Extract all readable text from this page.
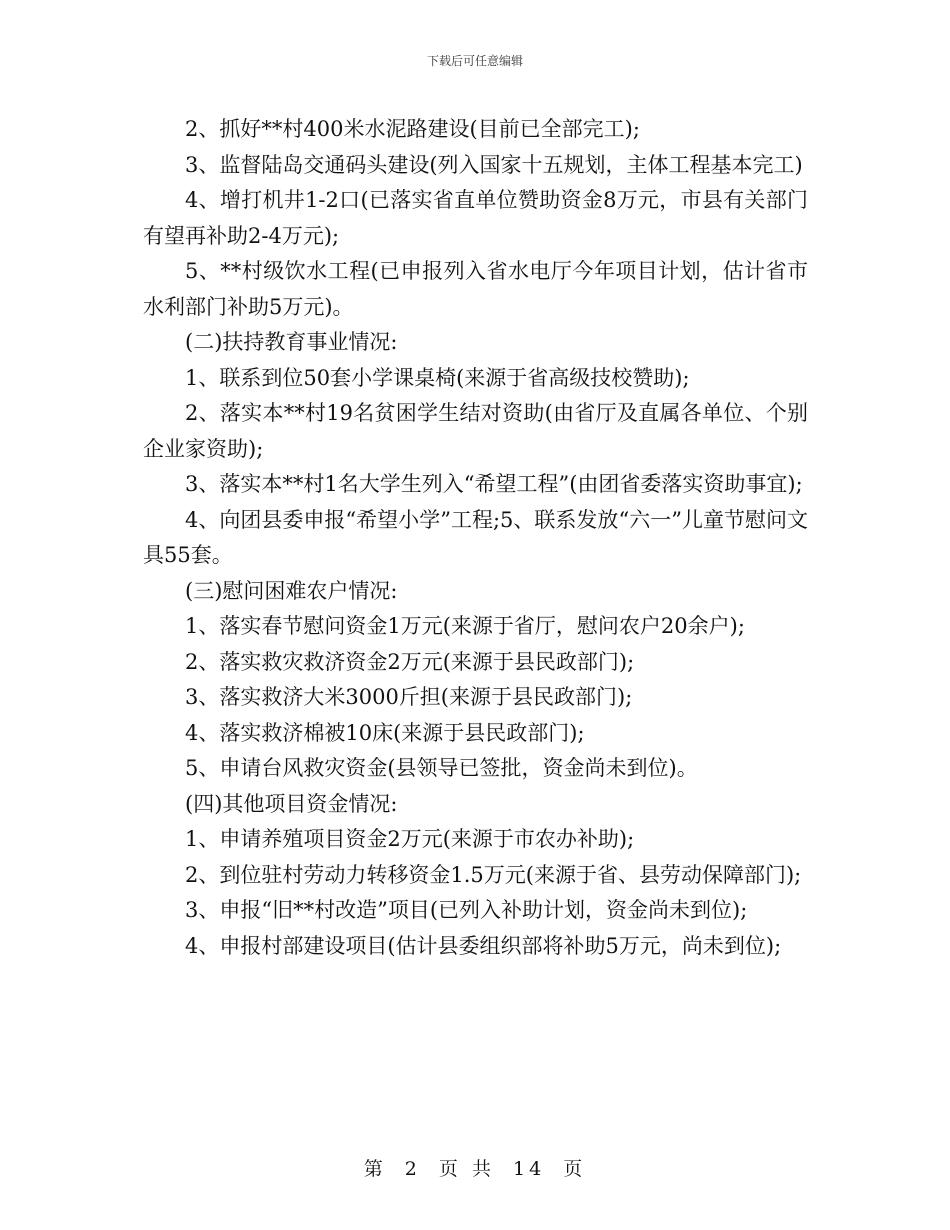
下载后可任意编辑

2、抓好**村400米水泥路建设(目前已全部完工);

3、监督陆岛交通码头建设(列入国家十五规划，主体工程基本完工)

4、增打机井1-2口(已落实省直单位赞助资金8万元，市县有关部门有望再补助2-4万元);

5、**村级饮水工程(已申报列入省水电厅今年项目计划，估计省市水利部门补助5万元)。

(二)扶持教育事业情况:

1、联系到位50套小学课桌椅(来源于省高级技校赞助);

2、落实本**村19名贫困学生结对资助(由省厅及直属各单位、个别企业家资助);

3、落实本**村1名大学生列入“希望工程”(由团省委落实资助事宜);

4、向团县委申报“希望小学”工程;5、联系发放“六一”儿童节慰问文具55套。

(三)慰问困难农户情况:

1、落实春节慰问资金1万元(来源于省厅，慰问农户20余户);

2、落实救灾救济资金2万元(来源于县民政部门);

3、落实救济大米3000斤担(来源于县民政部门);

4、落实救济棉被10床(来源于县民政部门);

5、申请台风救灾资金(县领导已签批，资金尚未到位)。

(四)其他项目资金情况:

1、申请养殖项目资金2万元(来源于市农办补助);

2、到位驻村劳动力转移资金1.5万元(来源于省、县劳动保障部门);

3、申报“旧**村改造”项目(已列入补助计划，资金尚未到位);

4、申报村部建设项目(估计县委组织部将补助5万元，尚未到位);

第 2 页 共 14 页
